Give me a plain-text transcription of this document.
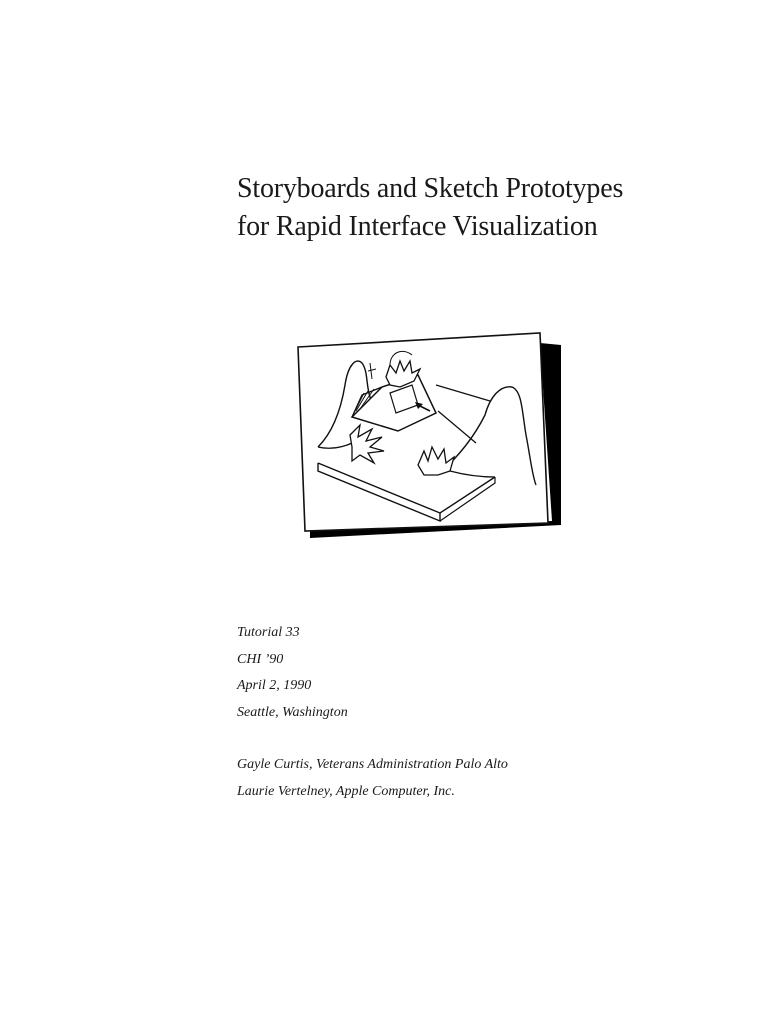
Storyboards and Sketch Prototypes
for Rapid Interface Visualization
Tutorial 33
CHI ’90
April 2, 1990
Seattle, Washington
Gayle Curtis, Veterans Administration Palo Alto
Laurie Vertelney, Apple Computer, Inc.
